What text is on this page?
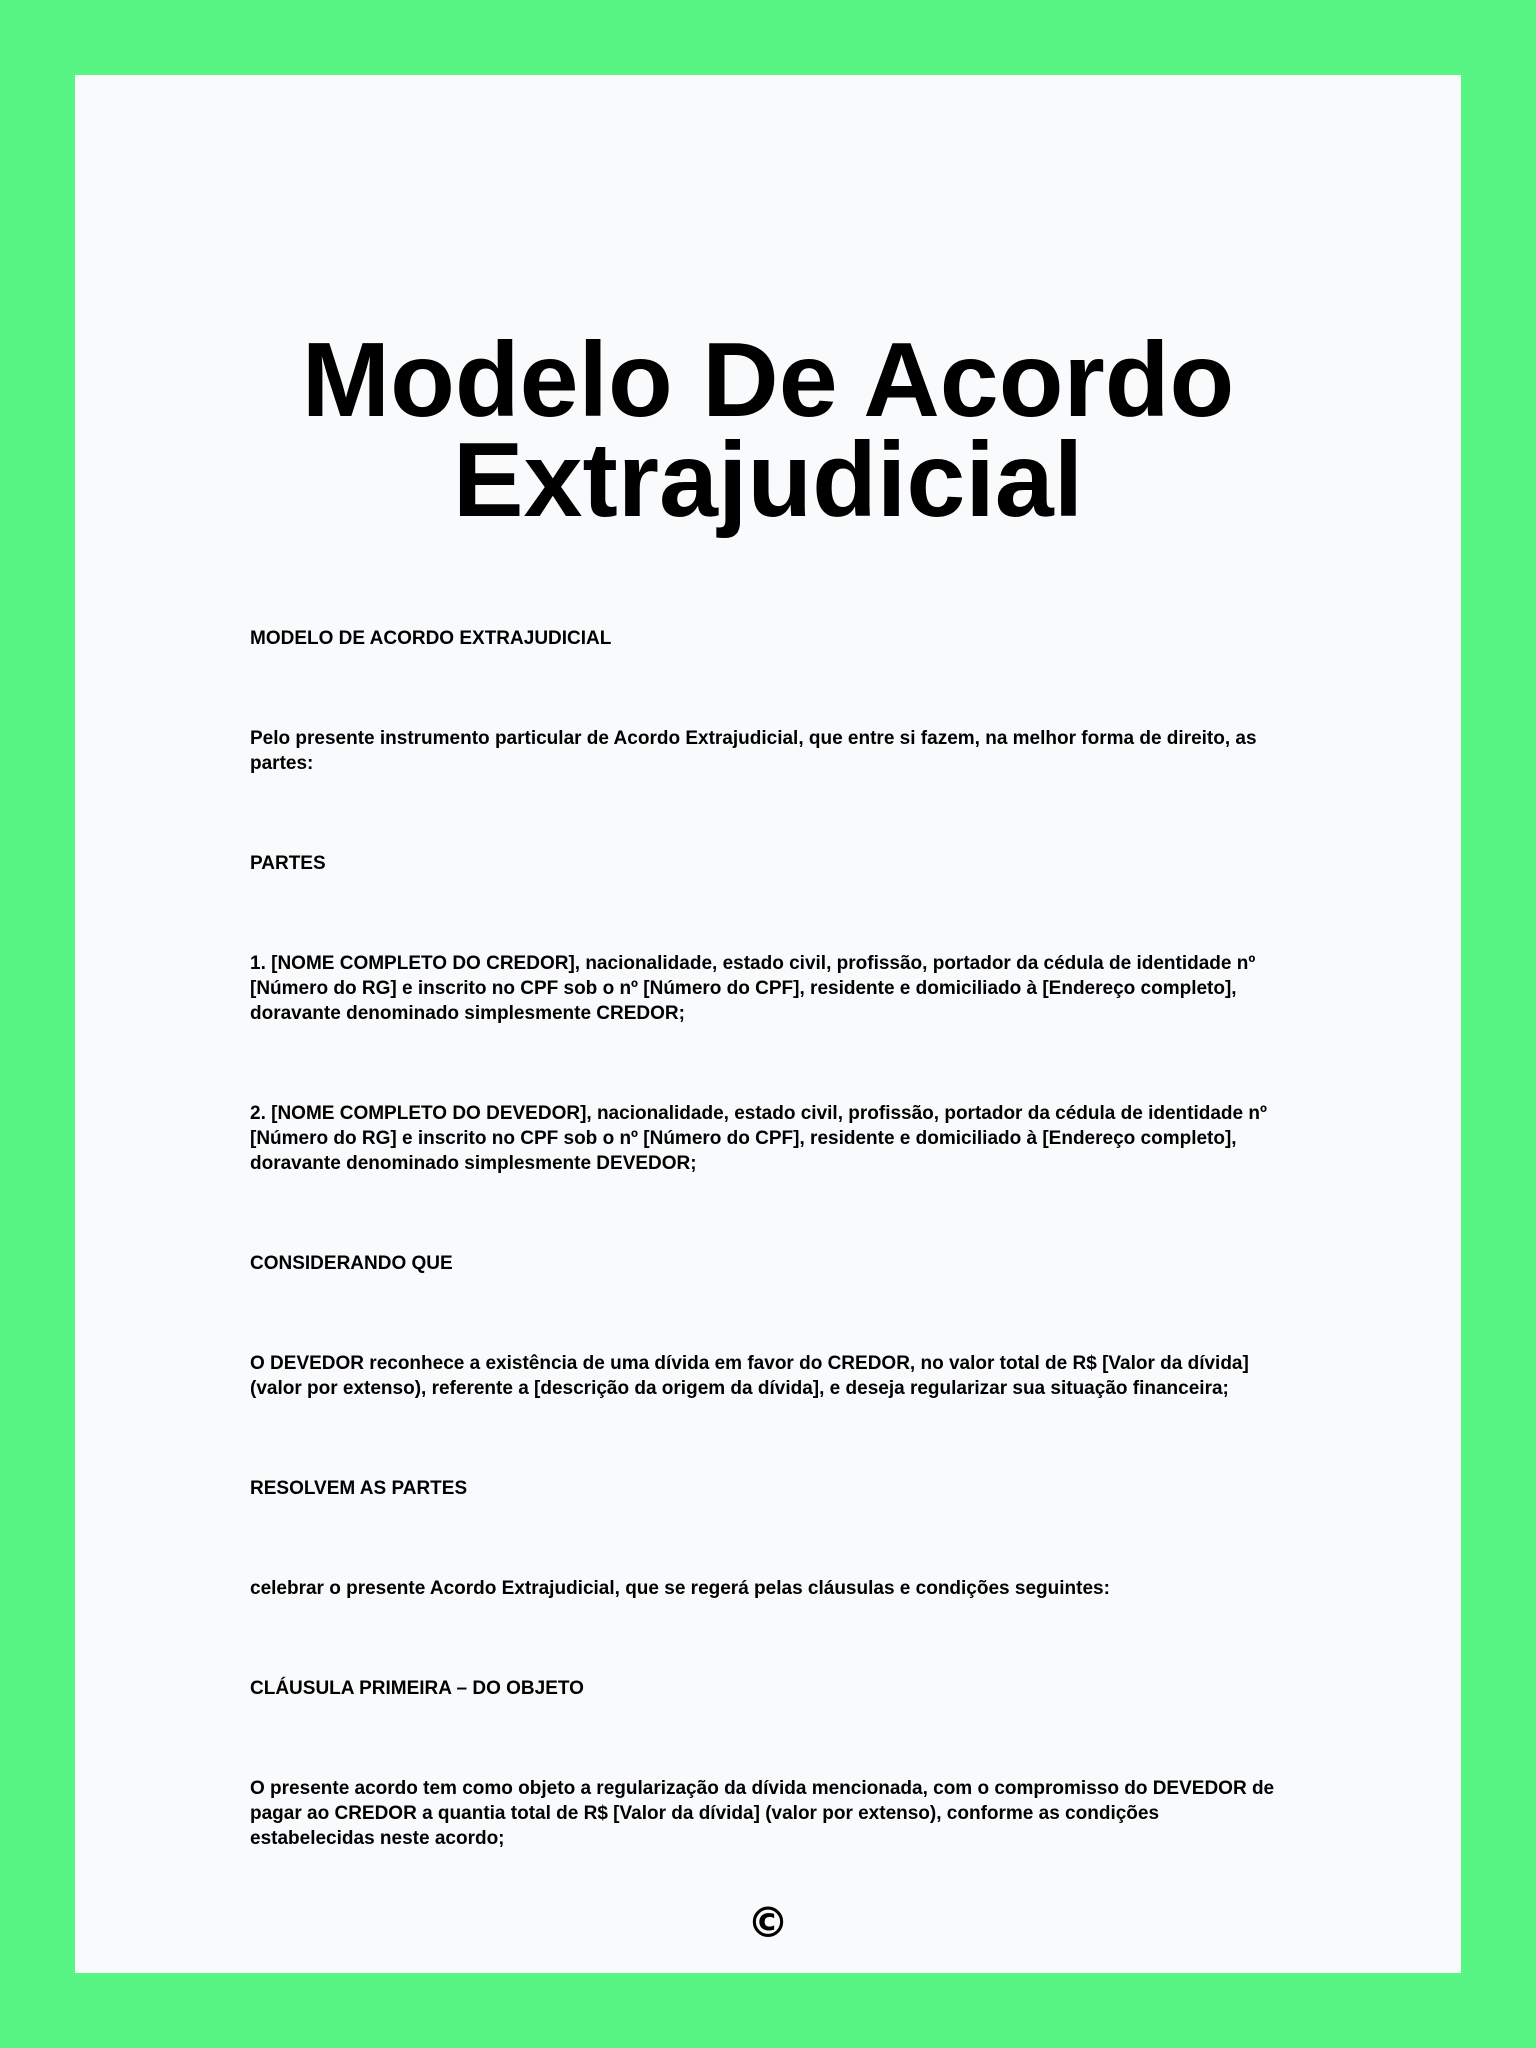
Modelo De Acordo
Extrajudicial

MODELO DE ACORDO EXTRAJUDICIAL

Pelo presente instrumento particular de Acordo Extrajudicial, que entre si fazem, na melhor forma de direito, as partes:

PARTES

1. [NOME COMPLETO DO CREDOR], nacionalidade, estado civil, profissão, portador da cédula de identidade nº [Número do RG] e inscrito no CPF sob o nº [Número do CPF], residente e domiciliado à [Endereço completo], doravante denominado simplesmente CREDOR;

2. [NOME COMPLETO DO DEVEDOR], nacionalidade, estado civil, profissão, portador da cédula de identidade nº [Número do RG] e inscrito no CPF sob o nº [Número do CPF], residente e domiciliado à [Endereço completo], doravante denominado simplesmente DEVEDOR;

CONSIDERANDO QUE

O DEVEDOR reconhece a existência de uma dívida em favor do CREDOR, no valor total de R$ [Valor da dívida] (valor por extenso), referente a [descrição da origem da dívida], e deseja regularizar sua situação financeira;

RESOLVEM AS PARTES

celebrar o presente Acordo Extrajudicial, que se regerá pelas cláusulas e condições seguintes:

CLÁUSULA PRIMEIRA – DO OBJETO

O presente acordo tem como objeto a regularização da dívida mencionada, com o compromisso do DEVEDOR de pagar ao CREDOR a quantia total de R$ [Valor da dívida] (valor por extenso), conforme as condições estabelecidas neste acordo;

©
